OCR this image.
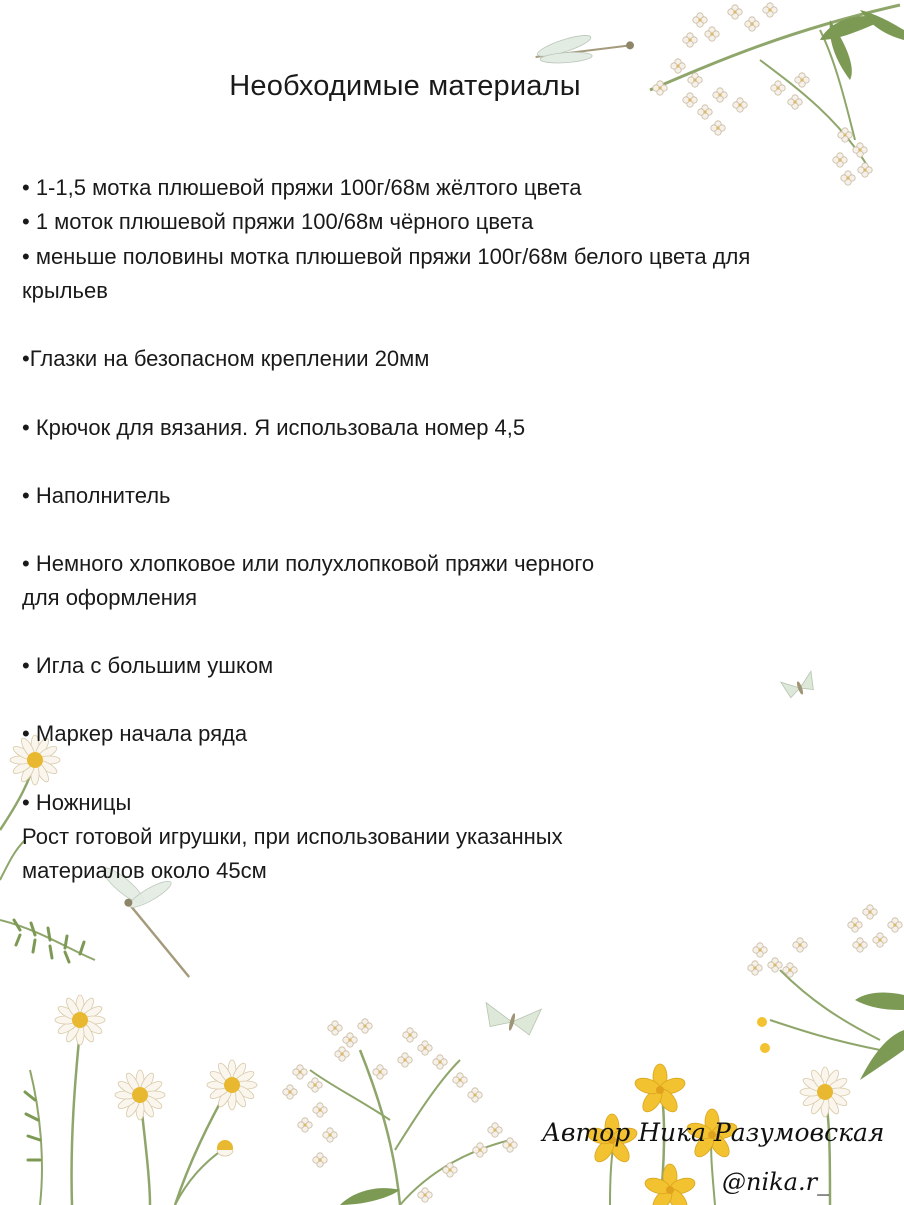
Необходимые материалы
• 1-1,5 мотка плюшевой пряжи 100г/68м жёлтого цвета
• 1 моток плюшевой пряжи 100/68м чёрного цвета
• меньше половины мотка плюшевой пряжи 100г/68м белого цвета для
крыльев
•Глазки на безопасном креплении 20мм
• Крючок для вязания. Я использовала номер 4,5
• Наполнитель
• Немного хлопковое или полухлопковой пряжи черного
для оформления
• Игла с большим ушком
• Маркер начала ряда
• Ножницы
Рост готовой игрушки, при использовании указанных
материалов около 45см
Автор Ника Разумовская
@nika.r_
